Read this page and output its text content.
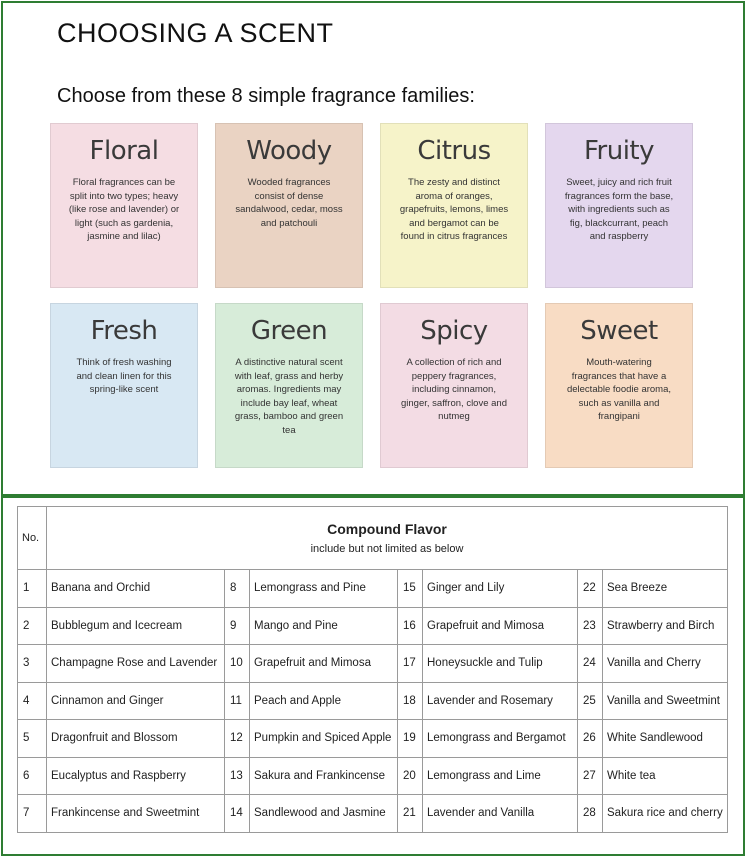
CHOOSING A SCENT
Choose from these 8 simple fragrance families:
Floral
Floral fragrances can be split into two types; heavy (like rose and lavender) or light (such as gardenia, jasmine and lilac)
Woody
Wooded fragrances consist of dense sandalwood, cedar, moss and patchouli
Citrus
The zesty and distinct aroma of oranges, grapefruits, lemons, limes and bergamot can be found in citrus fragrances
Fruity
Sweet, juicy and rich fruit fragrances form the base, with ingredients such as fig, blackcurrant, peach and raspberry
Fresh
Think of fresh washing and clean linen for this spring-like scent
Green
A distinctive natural scent with leaf, grass and herby aromas. Ingredients may include bay leaf, wheat grass, bamboo and green tea
Spicy
A collection of rich and peppery fragrances, including cinnamon, ginger, saffron, clove and nutmeg
Sweet
Mouth-watering fragrances that have a delectable foodie aroma, such as vanilla and frangipani
No.	Compound Flavor
include but not limited as below						

1	Banana and Orchid	8	Lemongrass and Pine	15	Ginger and Lily	22	Sea Breeze
2	Bubblegum and Icecream	9	Mango and Pine	16	Grapefruit and Mimosa	23	Strawberry and Birch
3	Champagne Rose and Lavender	10	Grapefruit and Mimosa	17	Honeysuckle and Tulip	24	Vanilla and Cherry
4	Cinnamon and Ginger	11	Peach and Apple	18	Lavender and Rosemary	25	Vanilla and Sweetmint
5	Dragonfruit and Blossom	12	Pumpkin and Spiced Apple	19	Lemongrass and Bergamot	26	White Sandlewood
6	Eucalyptus and Raspberry	13	Sakura and Frankincense	20	Lemongrass and Lime	27	White tea
7	Frankincense and Sweetmint	14	Sandlewood and Jasmine	21	Lavender and Vanilla	28	Sakura rice and cherry
